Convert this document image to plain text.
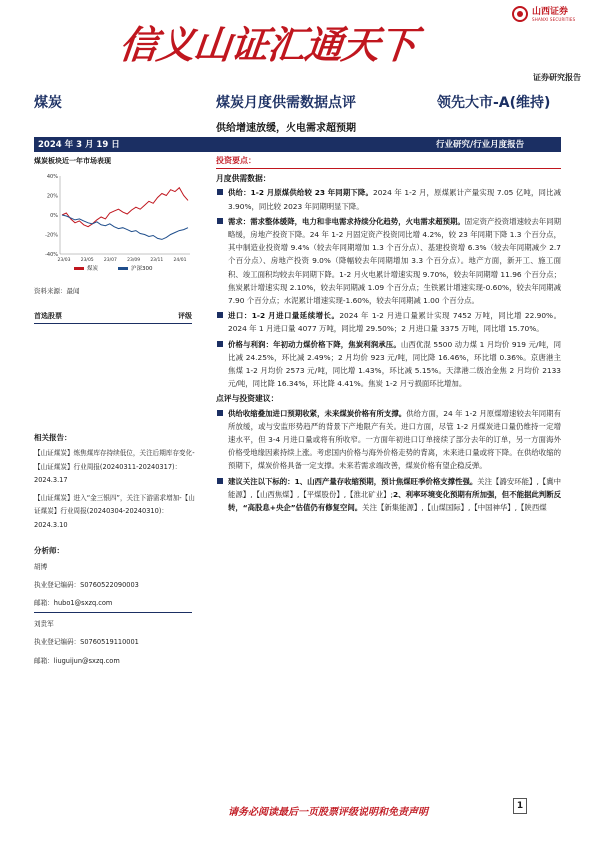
信义山证汇通天下
山西证券
SHANXI SECURITIES
证券研究报告
煤炭	煤炭月度供需数据点评	领先大市-A(维持)
供给增速放缓，火电需求超预期
2024 年 3 月 19 日	行业研究/行业月度报告
煤炭板块近一年市场表现
40%
20%
0%
-20%
-40%
23/03 23/05 23/07 23/09 23/11 24/01
煤炭	沪深300
资料来源：最闻
首选股票	评级
相关报告：
【山证煤炭】炼焦煤库存持续低位，关注后期库存变化-【山证煤炭】行业周报(20240311-20240317)： 2024.3.17
【山证煤炭】进入“金三银四”，关注下游需求增加-【山证煤炭】行业周报(20240304-20240310)： 2024.3.10
分析师：
胡博
执业登记编码：S0760522090003
邮箱：hubo1@sxzq.com
刘贵军
执业登记编码：S0760519110001
邮箱：liuguijun@sxzq.com
投资要点：
月度供需数据：
供给：1-2 月原煤供给较 23 年同期下降。2024 年 1-2 月，原煤累计产量实现 7.05 亿吨，同比减 3.90%，同比较 2023 年同期明显下降。
需求：需求整体缓降，电力和非电需求持续分化趋势，火电需求超预期。固定资产投资增速较去年同期略缓，房地产投资下降。24 年 1-2 月固定资产投资同比增 4.2%，较 23 年同期下降 1.3 个百分点，其中制造业投资增 9.4%（较去年同期增加 1.3 个百分点）、基建投资增 6.3%（较去年同期减少 2.7 个百分点）、房地产投资 9.0%（降幅较去年同期增加 3.3 个百分点）。地产方面，新开工、施工面积、竣工面积均较去年同期下降。1-2 月火电累计增速实现 9.70%，较去年同期增 11.96 个百分点；焦炭累计增速实现 2.10%，较去年同期减 1.09 个百分点；生铁累计增速实现-0.60%，较去年同期减 7.90 个百分点；水泥累计增速实现-1.60%，较去年同期减 1.00 个百分点。
进口：1-2 月进口量延续增长。2024 年 1-2 月进口量累计实现 7452 万吨，同比增 22.90%。2024 年 1 月进口量 4077 万吨，同比增 29.50%；2 月进口量 3375 万吨，同比增 15.70%。
价格与利润：年初动力煤价格下降，焦炭利润承压。山西优混 5500 动力煤 1 月均价 919 元/吨，同比减 24.25%，环比减 2.49%；2 月均价 923 元/吨，同比降 16.46%，环比增 0.36%。京唐港主焦煤 1-2 月均价 2573 元/吨，同比增 1.43%，环比减 5.15%。天津港二级冶金焦 2 月均价 2133 元/吨，同比降 16.34%，环比降 4.41%。焦炭 1-2 月亏损面环比增加。
点评与投资建议：
供给收缩叠加进口预期收紧，未来煤炭价格有所支撑。供给方面，24 年 1-2 月原煤增速较去年同期有所放缓，或与安监形势趋严的背景下产地限产有关。进口方面，尽管 1-2 月煤炭进口量仍维持一定增速水平，但 3-4 月进口量或将有所收窄。一方面年初进口订单接续了部分去年的订单，另一方面海外价格受地缘因素持续上涨。考虑国内价格与海外价格走势的背离，未来进口量或将下降。在供给收缩的预期下，煤炭价格具备一定支撑。未来若需求端改善，煤炭价格有望企稳反弹。
建议关注以下标的：1、山西产量存收缩预期，预计焦煤旺季价格支撑性强。关注【潞安环能】,【冀中能源】,【山西焦煤】,【平煤股份】,【淮北矿业】;2、利率环境变化预期有所加强，但不能据此判断反转，“高股息+央企”估值仍有修复空间。关注【新集能源】,【山煤国际】,【中国神华】,【陕西煤
请务必阅读最后一页股票评级说明和免责声明
1
